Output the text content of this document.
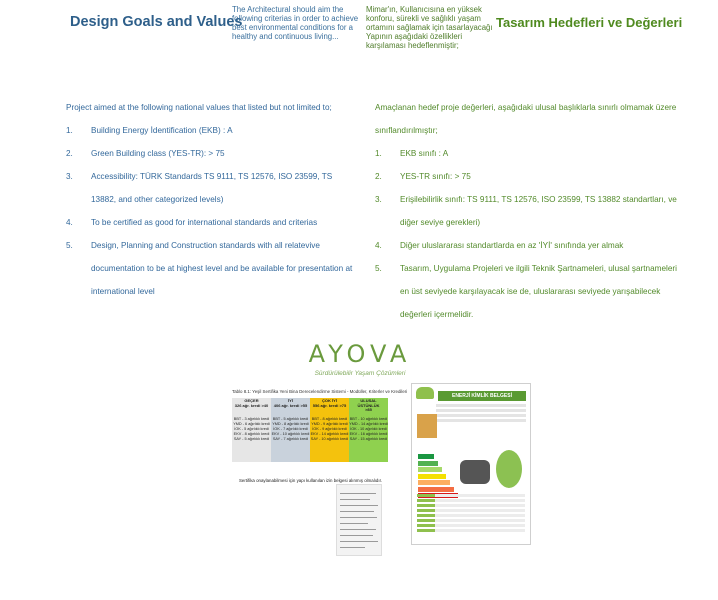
Design Goals and Values
The Architectural should aim the following criterias in order to achieve best environmental conditions for a healthy and continuous living...
Mimar'ın, Kullanıcısına en yüksek konforu, sürekli ve sağlıklı yaşam ortamını sağlamak için tasarlayacağı Yapının aşağıdaki özellikleri karşılaması hedeflenmiştir;
Tasarım Hedefleri ve Değerleri
Project aimed at the following national values that listed but not limited to;
1. Building Energy İdentification (EKB) : A
2. Green Building class (YES-TR): > 75
3. Accessibility: TÜRK Standards TS 9111, TS 12576, ISO 23599, TS 13882, and other categorized levels)
4. To be certified as good for international standards and criterias
5. Design, Planning and Construction standards with all relatevive documentation to be at highest level and be available for presentation at international level
Amaçlanan hedef proje değerleri, aşağıdaki ulusal başlıklarla sınırlı olmamak üzere sınıflandırılmıştır;
1. EKB sınıfı : A
2. YES-TR sınıfı: > 75
3. Erişilebilirlik sınıfı: TS 9111, TS 12576, ISO 23599, TS 13882 standartları, ve diğer seviye gerekleri)
4. Diğer uluslararası standartlarda en az 'İYİ' sınıfında yer almak
5. Tasarım, Uygulama Projeleri ve ilgili Teknik Şartnameleri, ulusal şartnameleri en üst seviyede karşılayacak ise de, uluslararası seviyede yarışabilecek değerleri içermelidir.
AYOVA
Sürdürülebilir Yaşam Çözümleri
Tablo 8.1: Yeşil Sertifika Yeni Bina Derecelendirme Sistemi - Modüller, Kriterler ve Kredileri
GEÇER
326 ağr. kredi >40
BBT - 3 ağırlıklı kredi
YMD - 6 ağırlıklı kredi
İOK - 5 ağırlıklı kredi
EKV - 8 ağırlıklı kredi
SAY - 5 ağırlıklı kredi
İYİ
406 ağr. kredi >55
BBT - 5 ağırlıklı kredi
YMD - 8 ağırlıklı kredi
İOK - 7 ağırlıklı kredi
EKV - 10 ağırlıklı kredi
SAY - 7 ağırlıklı kredi
ÇOK İYİ
556 ağr. kredi >75
BBT - 8 ağırlıklı kredi
YMD - 9 ağırlıklı kredi
İOK - 9 ağırlıklı kredi
EKV - 14 ağırlıklı kredi
SAY - 10 ağırlıklı kredi
ULUSAL ÜSTÜNLÜK
>85
BBT - 10 ağırlıklı kredi
YMD - 14 ağırlıklı kredi
İOK - 10 ağırlıklı kredi
EKV - 16 ağırlıklı kredi
SAY - 15 ağırlıklı kredi
Sertifika onaylanabilmesi için yapı kullanılan izin belgesi alınmış olmalıdır.
ENERJİ KİMLİK BELGESİ
